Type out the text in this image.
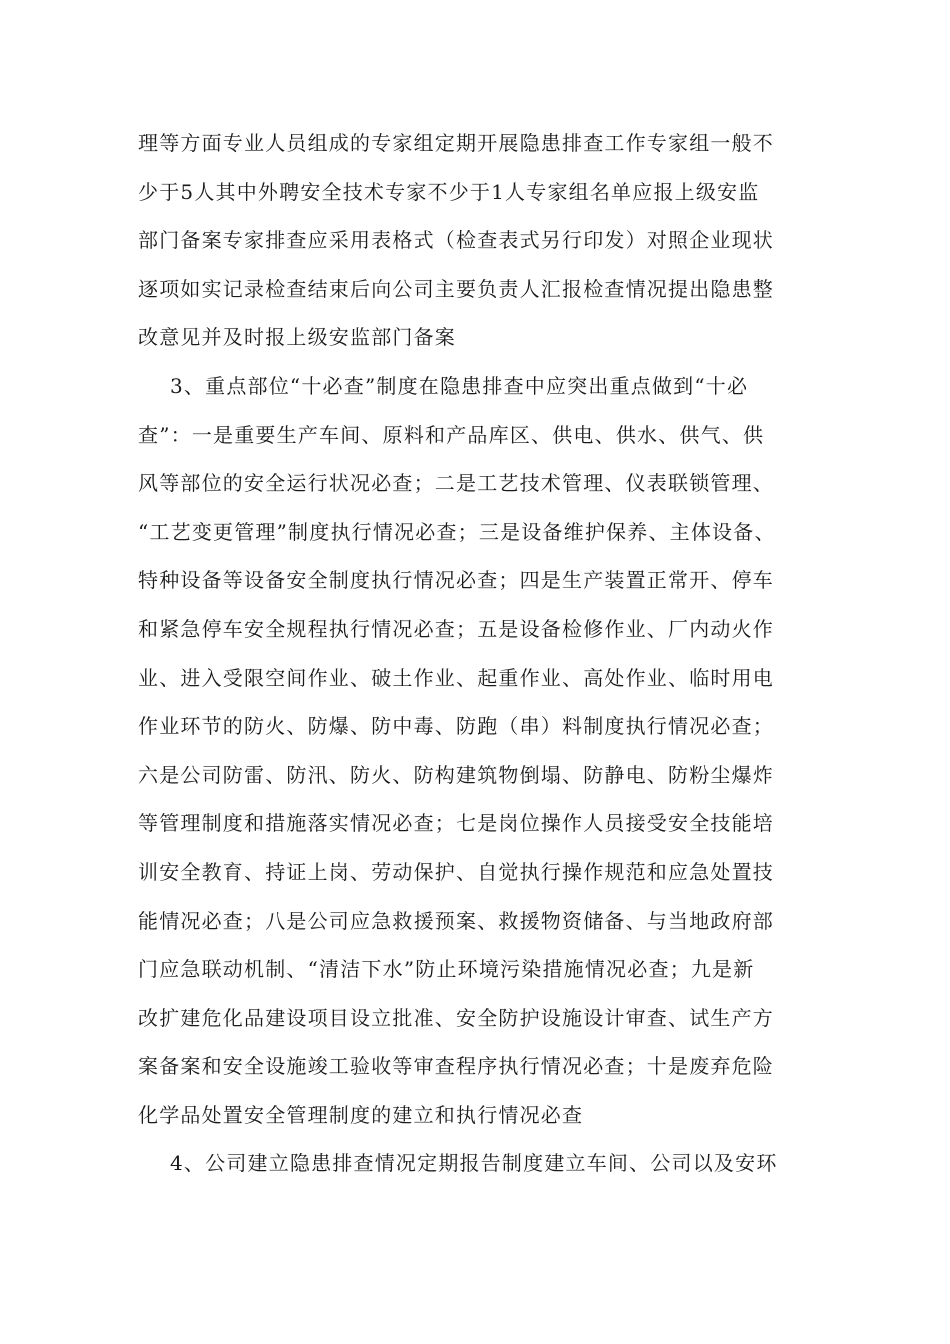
理等方面专业人员组成的专家组定期开展隐患排查工作专家组一般不
少于5人其中外聘安全技术专家不少于1人专家组名单应报上级安监
部门备案专家排查应采用表格式（检查表式另行印发）对照企业现状
逐项如实记录检查结束后向公司主要负责人汇报检查情况提出隐患整
改意见并及时报上级安监部门备案
3、重点部位“十必查”制度在隐患排查中应突出重点做到“十必
查”：一是重要生产车间、原料和产品库区、供电、供水、供气、供
风等部位的安全运行状况必查；二是工艺技术管理、仪表联锁管理、
“工艺变更管理”制度执行情况必查；三是设备维护保养、主体设备、
特种设备等设备安全制度执行情况必查；四是生产装置正常开、停车
和紧急停车安全规程执行情况必查；五是设备检修作业、厂内动火作
业、进入受限空间作业、破土作业、起重作业、高处作业、临时用电
作业环节的防火、防爆、防中毒、防跑（串）料制度执行情况必查；
六是公司防雷、防汛、防火、防构建筑物倒塌、防静电、防粉尘爆炸
等管理制度和措施落实情况必查；七是岗位操作人员接受安全技能培
训安全教育、持证上岗、劳动保护、自觉执行操作规范和应急处置技
能情况必查；八是公司应急救援预案、救援物资储备、与当地政府部
门应急联动机制、“清洁下水”防止环境污染措施情况必查；九是新
改扩建危化品建设项目设立批准、安全防护设施设计审查、试生产方
案备案和安全设施竣工验收等审查程序执行情况必查；十是废弃危险
化学品处置安全管理制度的建立和执行情况必查
4、公司建立隐患排查情况定期报告制度建立车间、公司以及安环
